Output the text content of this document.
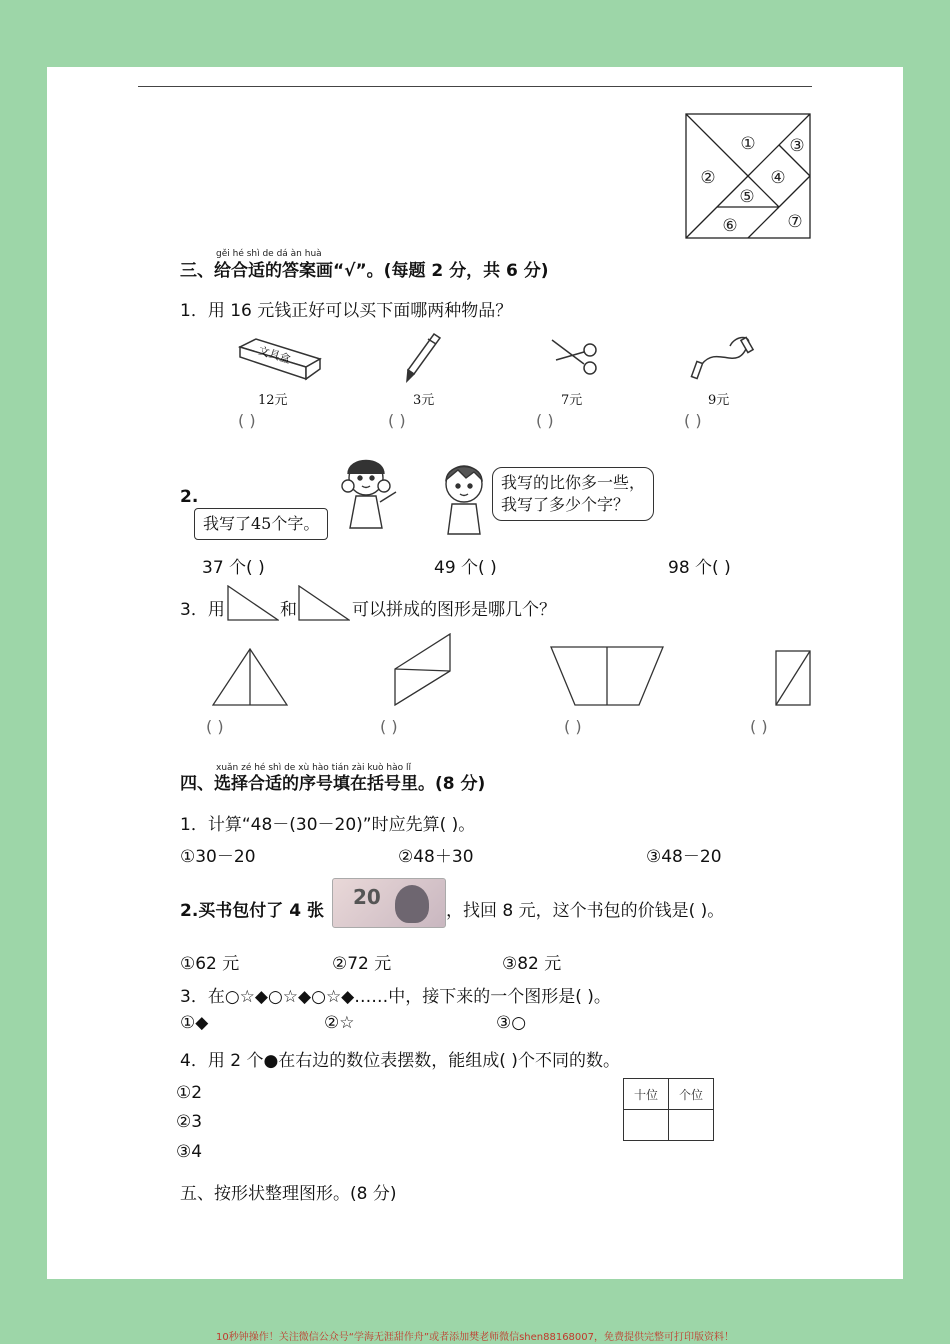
①
②
③
④
⑤
⑥	⑦
gěi hé shì de dá àn huà
三、给合适的答案画“√”。(每题 2 分，共 6 分)
1．用 16 元钱正好可以买下面哪两种物品？
文具盒
12元	3元	7元	9元
( )	( )	( )	( )
2.
我写了45个字。
我写的比你多一些，
我写了多少个字？
37 个( )	49 个( )	98 个( )
3．用	和	可以拼成的图形是哪几个？
( )	( )	( )	( )
xuǎn zé hé shì de xù hào tián zài kuò hào lǐ
四、选择合适的序号填在括号里。(8 分)
1．计算“48－(30－20)”时应先算( )。
①30－20	②48＋30	③48－20
2.买书包付了 4 张
20
，找回 8 元，这个书包的价钱是( )。
①62 元	②72 元	③82 元
3．在○☆◆○☆◆○☆◆……中，接下来的一个图形是( )。
①◆	②☆	③○
4．用 2 个●在右边的数位表摆数，能组成( )个不同的数。
①2
②3
③4
十位	个位

五、按形状整理图形。(8 分)
10秒钟操作！关注微信公众号“学海无涯甜作舟”或者添加樊老师微信shen88168007，免费提供完整可打印版资料！
